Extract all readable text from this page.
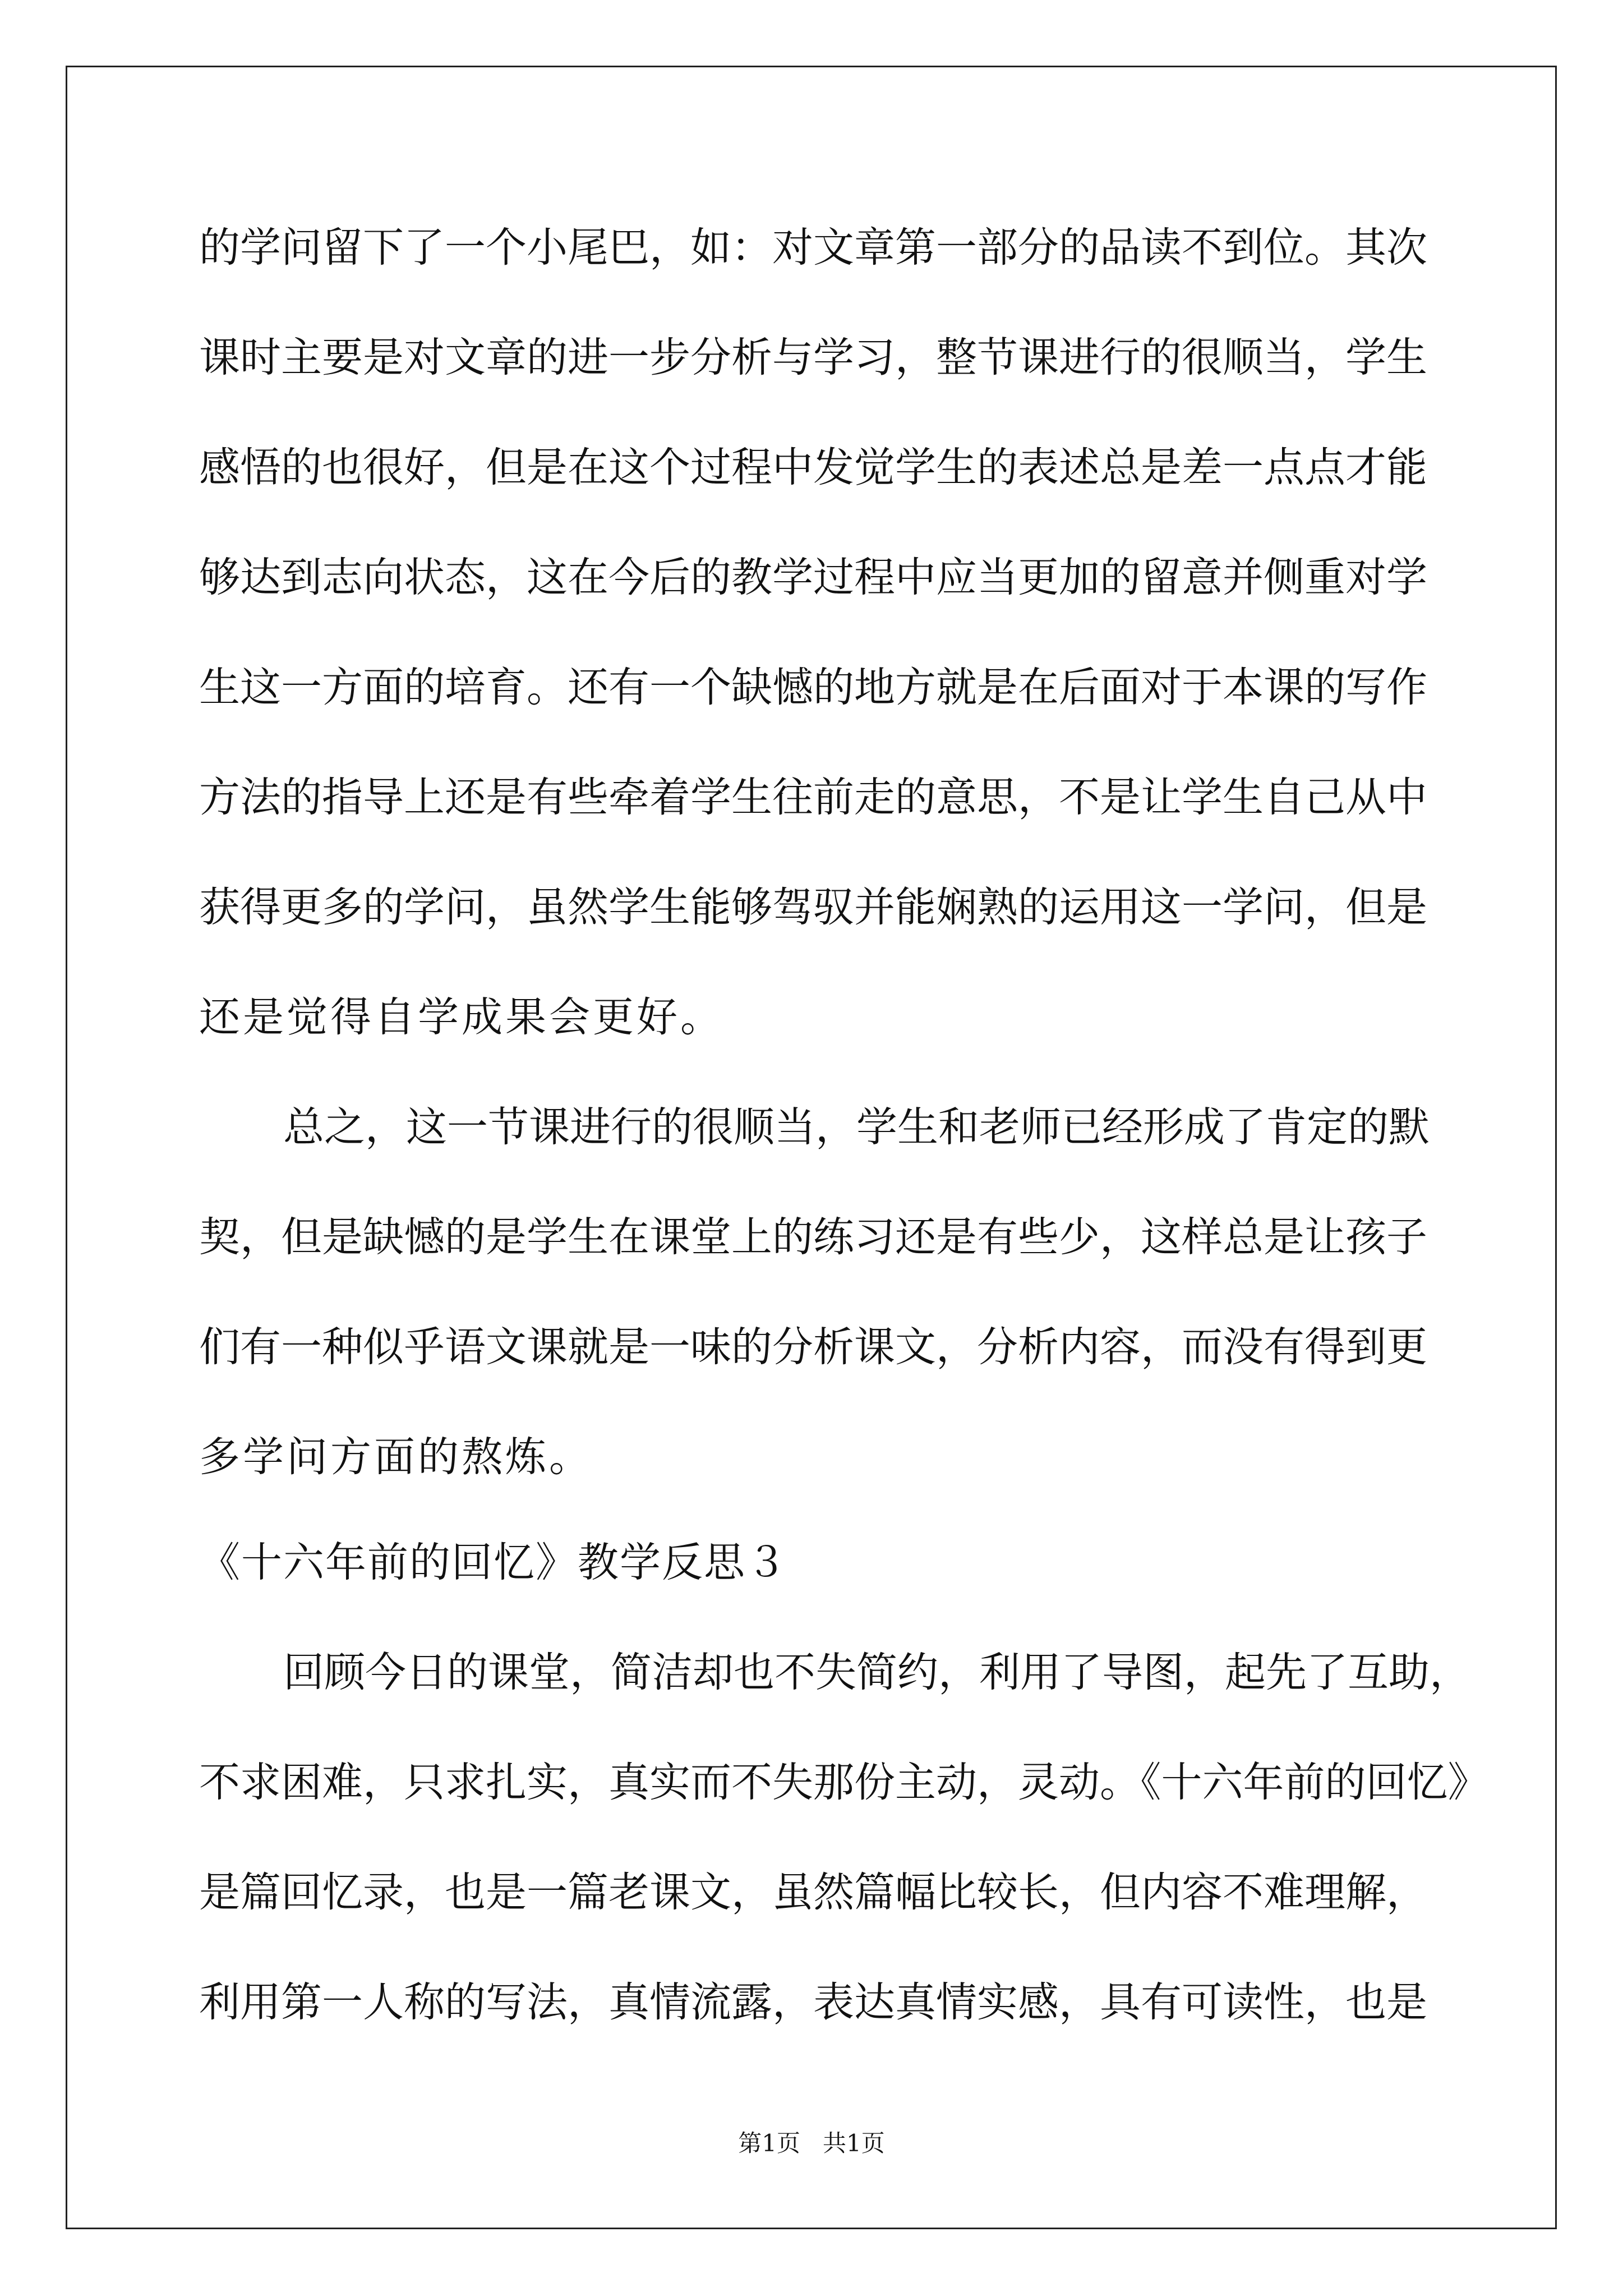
的学问留下了一个小尾巴，如：对文章第一部分的品读不到位。其次
课时主要是对文章的进一步分析与学习，整节课进行的很顺当，学生
感悟的也很好，但是在这个过程中发觉学生的表述总是差一点点才能
够达到志向状态，这在今后的教学过程中应当更加的留意并侧重对学
生这一方面的培育。还有一个缺憾的地方就是在后面对于本课的写作
方法的指导上还是有些牵着学生往前走的意思，不是让学生自己从中
获得更多的学问，虽然学生能够驾驭并能娴熟的运用这一学问，但是
还是觉得自学成果会更好。
总之，这一节课进行的很顺当，学生和老师已经形成了肯定的默
契，但是缺憾的是学生在课堂上的练习还是有些少，这样总是让孩子
们有一种似乎语文课就是一味的分析课文，分析内容，而没有得到更
多学问方面的熬炼。
《十六年前的回忆》教学反思３
回顾今日的课堂，简洁却也不失简约，利用了导图，起先了互助，
不求困难，只求扎实，真实而不失那份主动，灵动。《十六年前的回忆》
是篇回忆录，也是一篇老课文，虽然篇幅比较长，但内容不难理解，
利用第一人称的写法，真情流露，表达真情实感，具有可读性，也是
第1页   共1页
